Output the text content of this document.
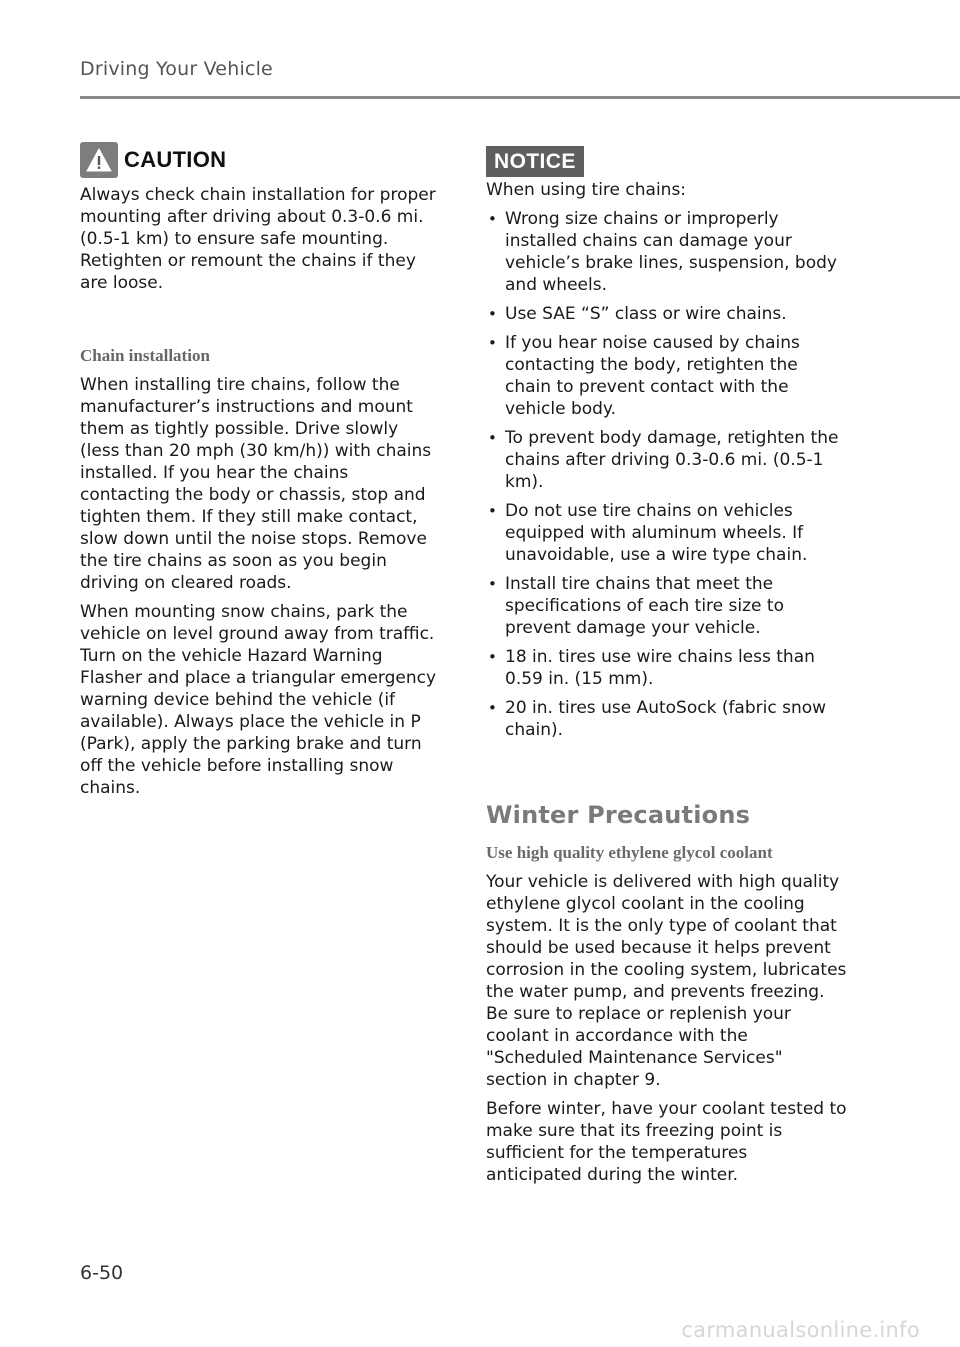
Driving Your Vehicle
CAUTION

Always check chain installation for proper mounting after driving about 0.3-0.6 mi. (0.5-1 km) to ensure safe mounting. Retighten or remount the chains if they are loose.

Chain installation

When installing tire chains, follow the manufacturer’s instructions and mount them as tightly possible. Drive slowly (less than 20 mph (30 km/h)) with chains installed. If you hear the chains contacting the body or chassis, stop and tighten them. If they still make contact, slow down until the noise stops. Remove the tire chains as soon as you begin driving on cleared roads.

When mounting snow chains, park the vehicle on level ground away from traffic. Turn on the vehicle Hazard Warning Flasher and place a triangular emergency warning device behind the vehicle (if available). Always place the vehicle in P (Park), apply the parking brake and turn off the vehicle before installing snow chains.

NOTICE

When using tire chains:

• Wrong size chains or improperly installed chains can damage your vehicle’s brake lines, suspension, body and wheels.
• Use SAE “S” class or wire chains.
• If you hear noise caused by chains contacting the body, retighten the chain to prevent contact with the vehicle body.
• To prevent body damage, retighten the chains after driving 0.3-0.6 mi. (0.5-1 km).
• Do not use tire chains on vehicles equipped with aluminum wheels. If unavoidable, use a wire type chain.
• Install tire chains that meet the specifications of each tire size to prevent damage your vehicle.
• 18 in. tires use wire chains less than 0.59 in. (15 mm).
• 20 in. tires use AutoSock (fabric snow chain).
Winter Precautions
Use high quality ethylene glycol coolant

Your vehicle is delivered with high quality ethylene glycol coolant in the cooling system. It is the only type of coolant that should be used because it helps prevent corrosion in the cooling system, lubricates the water pump, and prevents freezing. Be sure to replace or replenish your coolant in accordance with the "Scheduled Maintenance Services" section in chapter 9.

Before winter, have your coolant tested to make sure that its freezing point is sufficient for the temperatures anticipated during the winter.

6-50
carmanualsonline.info
